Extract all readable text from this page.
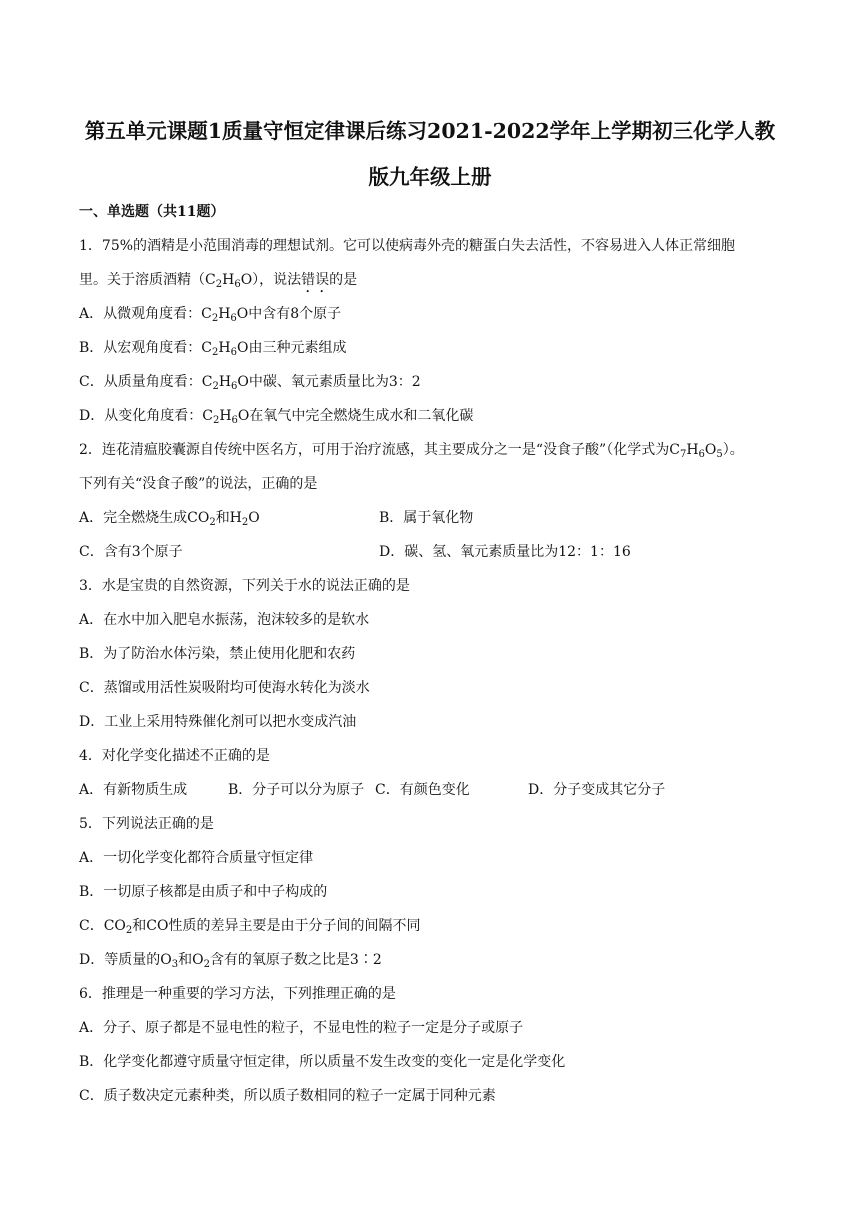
第五单元课题1质量守恒定律课后练习2021-2022学年上学期初三化学人教
版九年级上册
一、单选题（共11题）
1．75%的酒精是小范围消毒的理想试剂。它可以使病毒外壳的糖蛋白失去活性，不容易进入人体正常细胞
里。关于溶质酒精$(C_2H_6O)$，说法错误的是
A．从微观角度看：$C_2H_6O$中含有8个原子
B．从宏观角度看：$C_2H_6O$由三种元素组成
C．从质量角度看：$C_2H_6O$中碳、氧元素质量比为3：2
D．从变化角度看：$C_2H_6O$在氧气中完全燃烧生成水和二氧化碳
2．连花清瘟胶囊源自传统中医名方，可用于治疗流感，其主要成分之一是“没食子酸”（化学式为$C_7H_6O_5$）。
下列有关“没食子酸”的说法，正确的是
A．完全燃烧生成$CO_2$和$H_2O$	B．属于氧化物
C．含有3个原子	D．碳、氢、氧元素质量比为12：1：16
3．水是宝贵的自然资源，下列关于水的说法正确的是
A．在水中加入肥皂水振荡，泡沫较多的是软水
B．为了防治水体污染，禁止使用化肥和农药
C．蒸馏或用活性炭吸附均可使海水转化为淡水
D．工业上采用特殊催化剂可以把水变成汽油
4．对化学变化描述不正确的是
A．有新物质生成	B．分子可以分为原子 C．有颜色变化	D．分子变成其它分子
5．下列说法正确的是
A．一切化学变化都符合质量守恒定律
B．一切原子核都是由质子和中子构成的
C．$CO_2$和CO性质的差异主要是由于分子间的间隔不同
D．等质量的$O_3$和$O_2$含有的氧原子数之比是3∶2
6．推理是一种重要的学习方法，下列推理正确的是
A．分子、原子都是不显电性的粒子，不显电性的粒子一定是分子或原子
B．化学变化都遵守质量守恒定律，所以质量不发生改变的变化一定是化学变化
C．质子数决定元素种类，所以质子数相同的粒子一定属于同种元素
